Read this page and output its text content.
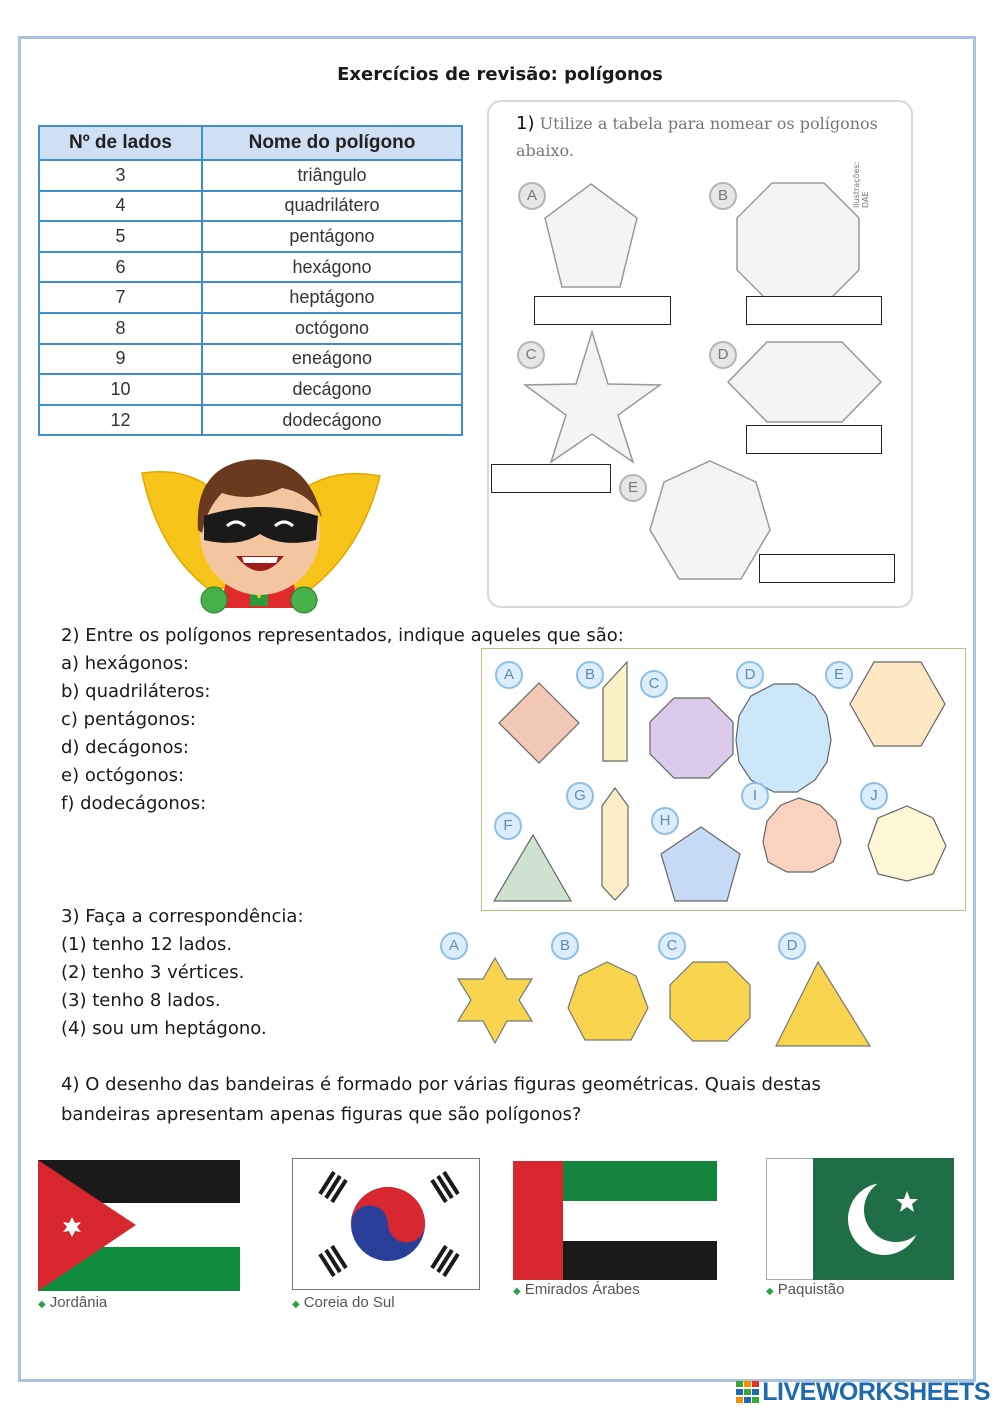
Exercícios de revisão: polígonos
Nº de lados	Nome do polígono
3	triângulo
4	quadrilátero
5	pentágono
6	hexágono
7	heptágono
8	octógono
9	eneágono
10	decágono
12	dodecágono
1) Utilize a tabela para nomear os polígonos abaixo.
Ilustrações: DAE
A	B
C	D
E
2) Entre os polígonos representados, indique aqueles que são:
a) hexágonos:
b) quadriláteros:
c) pentágonos:
d) decágonos:
e) octógonos:
f) dodecágonos:
A	B
C
D	E
F
G
H
I	J
3) Faça a correspondência:
(1) tenho 12 lados.
(2) tenho 3 vértices.
(3) tenho 8 lados.
(4) sou um heptágono.
A	B	C	D
4) O desenho das bandeiras é formado por várias figuras geométricas. Quais destas
bandeiras apresentam apenas figuras que são polígonos?
◆ Jordânia	◆ Coreia do Sul
◆ Emirados Árabes	◆ Paquistão
LIVEWORKSHEETS
